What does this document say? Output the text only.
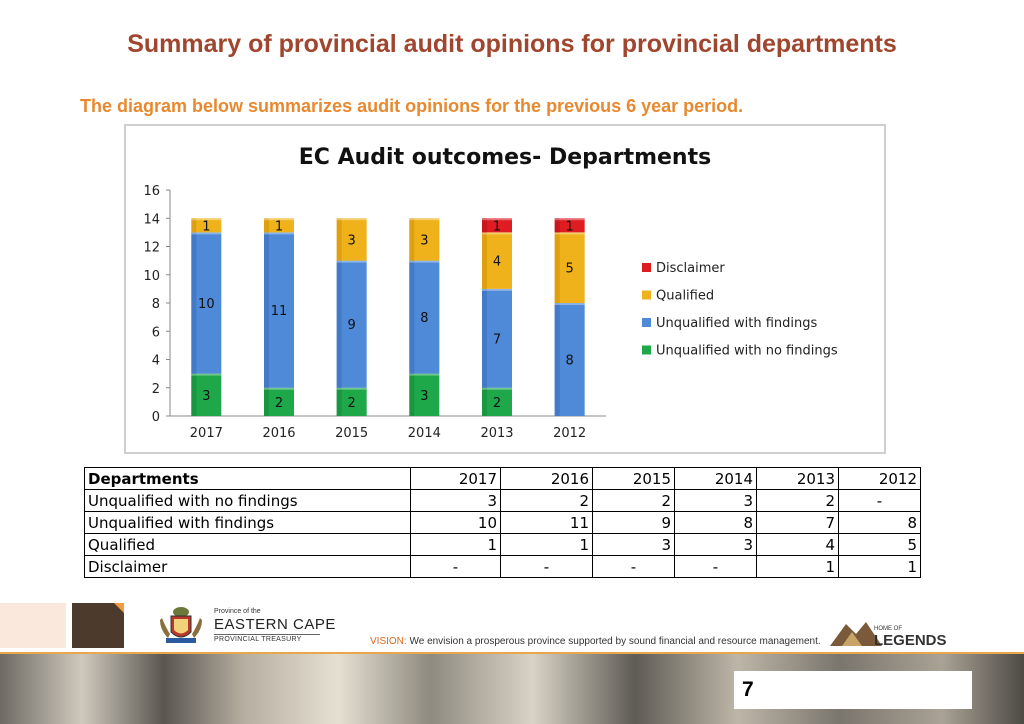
Summary of provincial audit opinions for provincial departments
The diagram below summarizes audit opinions for the previous 6 year period.
EC Audit outcomes- Departments
0
2
4
6
8
10
12
14
16
2017
3
10
1
2016
2
11
1
2015
2
9
3
2014
3
8
3
2013
2
7
4
1
2012
8
5
1
Disclaimer
Qualified
Unqualified with findings
Unqualified with no findings
Departments	2017	2016	2015	2014	2013	2012
Unqualified with no findings	3	2	2	3	2	-
Unqualified with findings	10	11	9	8	7	8
Qualified	1	1	3	3	4	5
Disclaimer	-	-	-	-	1	1
Province of the
EASTERN CAPE
PROVINCIAL TREASURY	VISION: We envision a prosperous province supported by sound financial and resource management.
HOME OF
LEGENDS
7
